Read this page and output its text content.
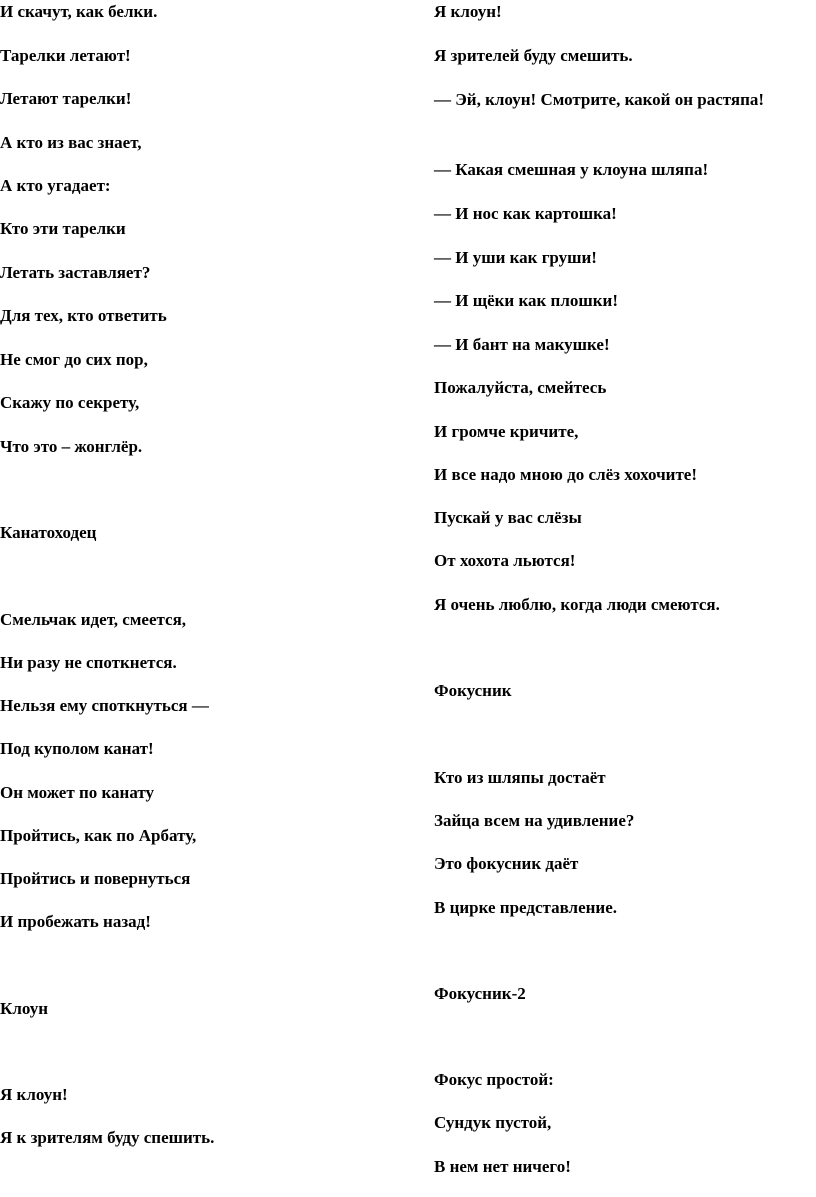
И скачут, как белки.
Тарелки летают!
Летают тарелки!
А кто из вас знает,
А кто угадает:
Кто эти тарелки
Летать заставляет?
Для тех, кто ответить
Не смог до сих пор,
Скажу по секрету,
Что это – жонглёр.
Канатоходец
Смельчак идет, смеется,
Ни разу не споткнется.
Нельзя ему споткнуться —
Под куполом канат!
Он может по канату
Пройтись, как по Арбату,
Пройтись и повернуться
И пробежать назад!
Клоун
Я клоун!
Я к зрителям буду спешить.
Я клоун!
Я зрителей буду смешить.
— Эй, клоун! Смотрите, какой он растяпа!
— Какая смешная у клоуна шляпа!
— И нос как картошка!
— И уши как груши!
— И щёки как плошки!
— И бант на макушке!
Пожалуйста, смейтесь
И громче кричите,
И все надо мною до слёз хохочите!
Пускай у вас слёзы
От хохота льются!
Я очень люблю, когда люди смеются.
Фокусник
Кто из шляпы достаёт
Зайца всем на удивление?
Это фокусник даёт
В цирке представление.
Фокусник-2
Фокус простой:
Сундук пустой,
В нем нет ничего!
